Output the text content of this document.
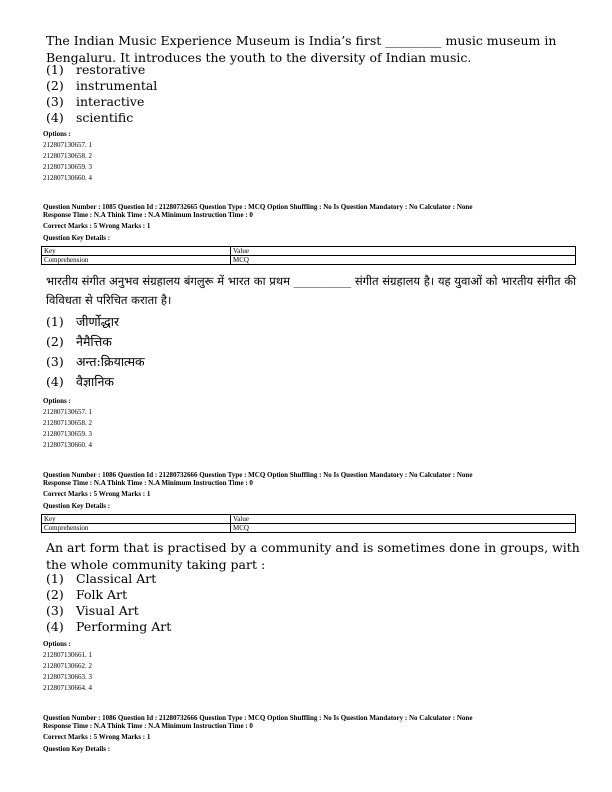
The Indian Music Experience Museum is India’s first _________ music museum in Bengaluru. It introduces the youth to the diversity of Indian music.
(1) restorative
(2) instrumental
(3) interactive
(4) scientific
Options :
212807130657. 1
212807130658. 2
212807130659. 3
212807130660. 4
Question Number : 1085 Question Id : 21280732665 Question Type : MCQ Option Shuffling : No Is Question Mandatory : No Calculator : None
Response Time : N.A Think Time : N.A Minimum Instruction Time : 0
Correct Marks : 5 Wrong Marks : 1
Question Key Details :
Key	Value
Comprehension	MCQ
भारतीय संगीत अनुभव संग्रहालय बंगलुरू में भारत का प्रथम __________ संगीत संग्रहालय है। यह युवाओं को भारतीय संगीत की विविधता से परिचित कराता है।
(1) जीर्णोद्धार
(2) नैमैत्तिक
(3) अन्त:क्रियात्मक
(4) वैज्ञानिक
Options :
212807130657. 1
212807130658. 2
212807130659. 3
212807130660. 4
Question Number : 1086 Question Id : 21280732666 Question Type : MCQ Option Shuffling : No Is Question Mandatory : No Calculator : None
Response Time : N.A Think Time : N.A Minimum Instruction Time : 0
Correct Marks : 5 Wrong Marks : 1
Question Key Details :
Key	Value
Comprehension	MCQ
An art form that is practised by a community and is sometimes done in groups, with the whole community taking part :
(1) Classical Art
(2) Folk Art
(3) Visual Art
(4) Performing Art
Options :
212807130661. 1
212807130662. 2
212807130663. 3
212807130664. 4
Question Number : 1086 Question Id : 21280732666 Question Type : MCQ Option Shuffling : No Is Question Mandatory : No Calculator : None
Response Time : N.A Think Time : N.A Minimum Instruction Time : 0
Correct Marks : 5 Wrong Marks : 1
Question Key Details :
